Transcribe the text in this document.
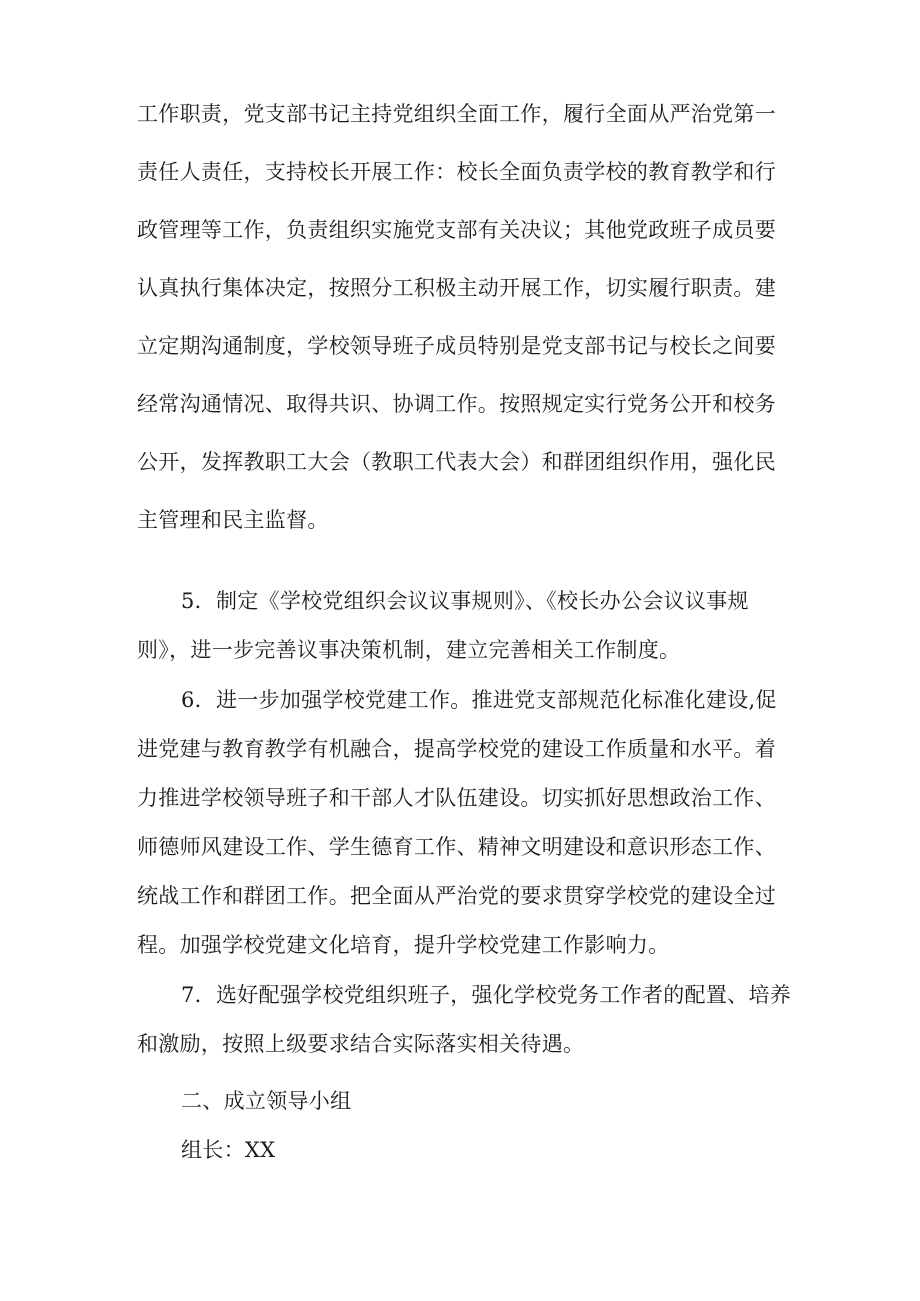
工作职责，党支部书记主持党组织全面工作，履行全面从严治党第一
责任人责任，支持校长开展工作：校长全面负责学校的教育教学和行
政管理等工作，负责组织实施党支部有关决议；其他党政班子成员要
认真执行集体决定，按照分工积极主动开展工作，切实履行职责。建
立定期沟通制度，学校领导班子成员特别是党支部书记与校长之间要
经常沟通情况、取得共识、协调工作。按照规定实行党务公开和校务
公开，发挥教职工大会（教职工代表大会）和群团组织作用，强化民
主管理和民主监督。
5．制定《学校党组织会议议事规则》、《校长办公会议议事规
则》，进一步完善议事决策机制，建立完善相关工作制度。
6．进一步加强学校党建工作。推进党支部规范化标准化建设,促
进党建与教育教学有机融合，提高学校党的建设工作质量和水平。着
力推进学校领导班子和干部人才队伍建设。切实抓好思想政治工作、
师德师风建设工作、学生德育工作、精神文明建设和意识形态工作、
统战工作和群团工作。把全面从严治党的要求贯穿学校党的建设全过
程。加强学校党建文化培育，提升学校党建工作影响力。
7．选好配强学校党组织班子，强化学校党务工作者的配置、培养
和激励，按照上级要求结合实际落实相关待遇。
二、成立领导小组
组长：XX
